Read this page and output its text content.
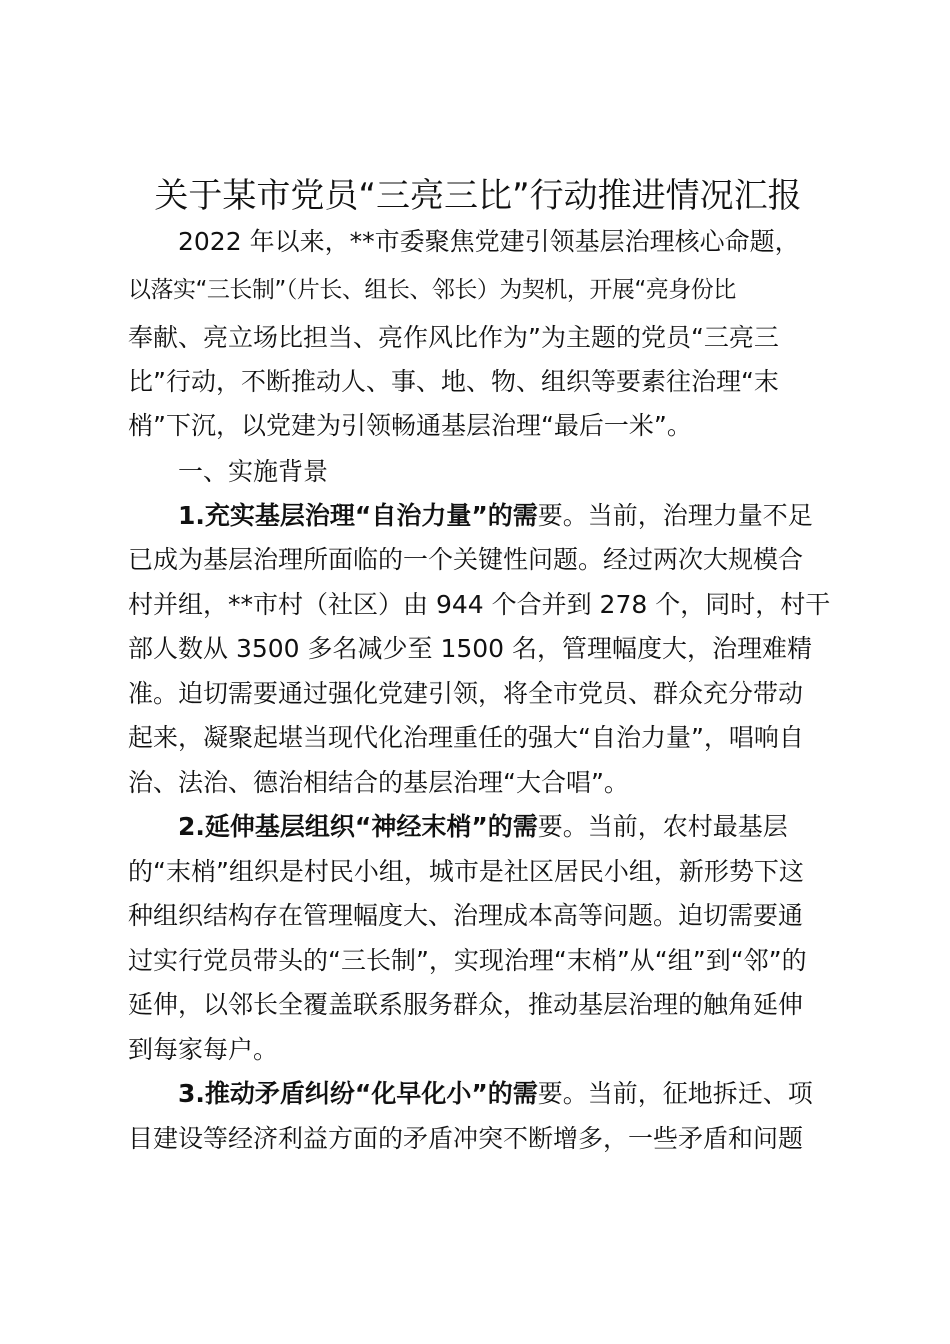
关于某市党员“三亮三比”行动推进情况汇报
2022 年以来，**市委聚焦党建引领基层治理核心命题，
以落实“三长制”（片长、组长、邻长）为契机，开展“亮身份比
奉献、亮立场比担当、亮作风比作为”为主题的党员“三亮三
比”行动，不断推动人、事、地、物、组织等要素往治理“末
梢”下沉，以党建为引领畅通基层治理“最后一米”。
一、实施背景
1.充实基层治理“自治力量”的需要。当前，治理力量不足
已成为基层治理所面临的一个关键性问题。经过两次大规模合
村并组，**市村（社区）由 944 个合并到 278 个，同时，村干
部人数从 3500 多名减少至 1500 名，管理幅度大，治理难精
准。迫切需要通过强化党建引领，将全市党员、群众充分带动
起来，凝聚起堪当现代化治理重任的强大“自治力量”，唱响自
治、法治、德治相结合的基层治理“大合唱”。
2.延伸基层组织“神经末梢”的需要。当前，农村最基层
的“末梢”组织是村民小组，城市是社区居民小组，新形势下这
种组织结构存在管理幅度大、治理成本高等问题。迫切需要通
过实行党员带头的“三长制”，实现治理“末梢”从“组”到“邻”的
延伸，以邻长全覆盖联系服务群众，推动基层治理的触角延伸
到每家每户。
3.推动矛盾纠纷“化早化小”的需要。当前，征地拆迁、项
目建设等经济利益方面的矛盾冲突不断增多，一些矛盾和问题
